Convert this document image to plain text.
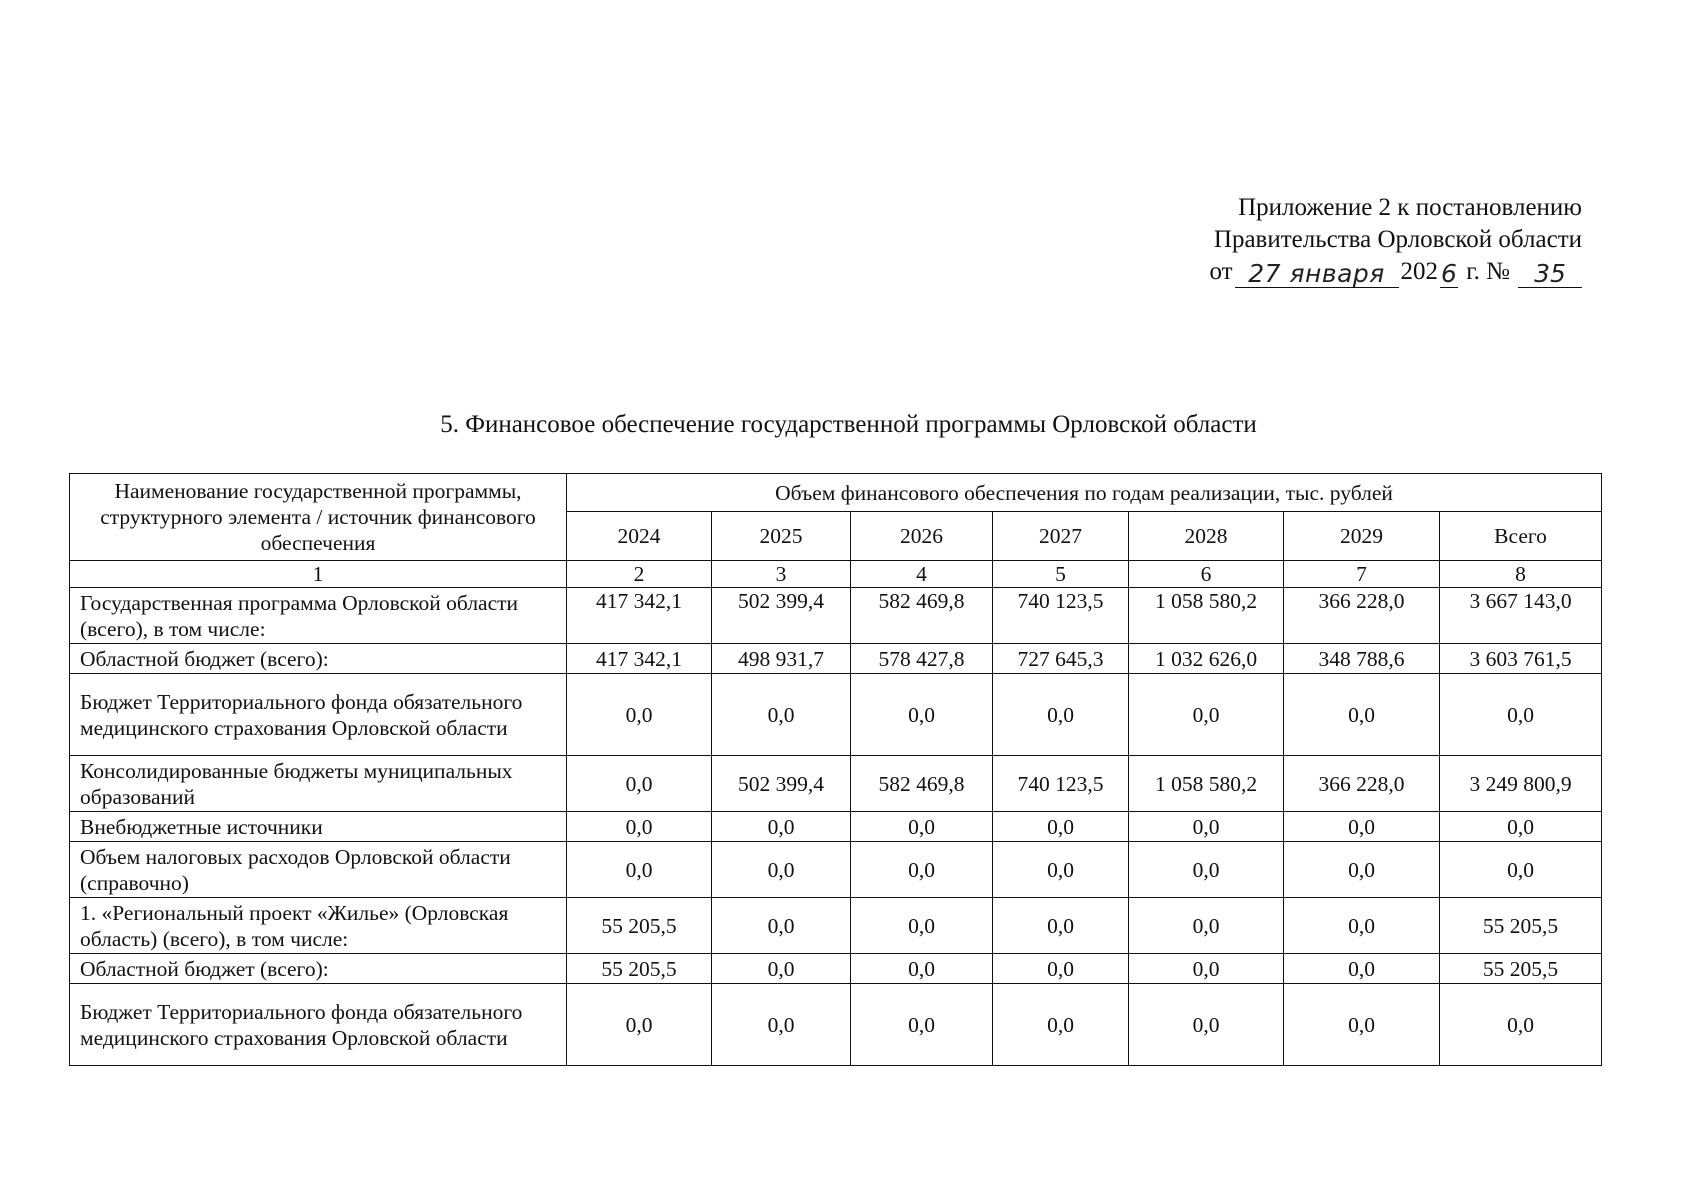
Приложение 2 к постановлению
Правительства Орловской области
от 27 января 202 6 г. № 35
5. Финансовое обеспечение государственной программы Орловской области
Наименование государственной программы, структурного элемента / источник финансового обеспечения	Объем финансового обеспечения по годам реализации, тыс. рублей						
	2024	2025	2026	2027	2028	2029	Всего
1	2	3	4	5	6	7	8
Государственная программа Орловской области (всего), в том числе:	417 342,1	502 399,4	582 469,8	740 123,5	1 058 580,2	366 228,0	3 667 143,0
Областной бюджет (всего):	417 342,1	498 931,7	578 427,8	727 645,3	1 032 626,0	348 788,6	3 603 761,5
Бюджет Территориального фонда обязательного медицинского страхования Орловской области	0,0	0,0	0,0	0,0	0,0	0,0	0,0
Консолидированные бюджеты муниципальных образований	0,0	502 399,4	582 469,8	740 123,5	1 058 580,2	366 228,0	3 249 800,9
Внебюджетные источники	0,0	0,0	0,0	0,0	0,0	0,0	0,0
Объем налоговых расходов Орловской области (справочно)	0,0	0,0	0,0	0,0	0,0	0,0	0,0
1. «Региональный проект «Жилье» (Орловская область) (всего), в том числе:	55 205,5	0,0	0,0	0,0	0,0	0,0	55 205,5
Областной бюджет (всего):	55 205,5	0,0	0,0	0,0	0,0	0,0	55 205,5
Бюджет Территориального фонда обязательного медицинского страхования Орловской области	0,0	0,0	0,0	0,0	0,0	0,0	0,0
